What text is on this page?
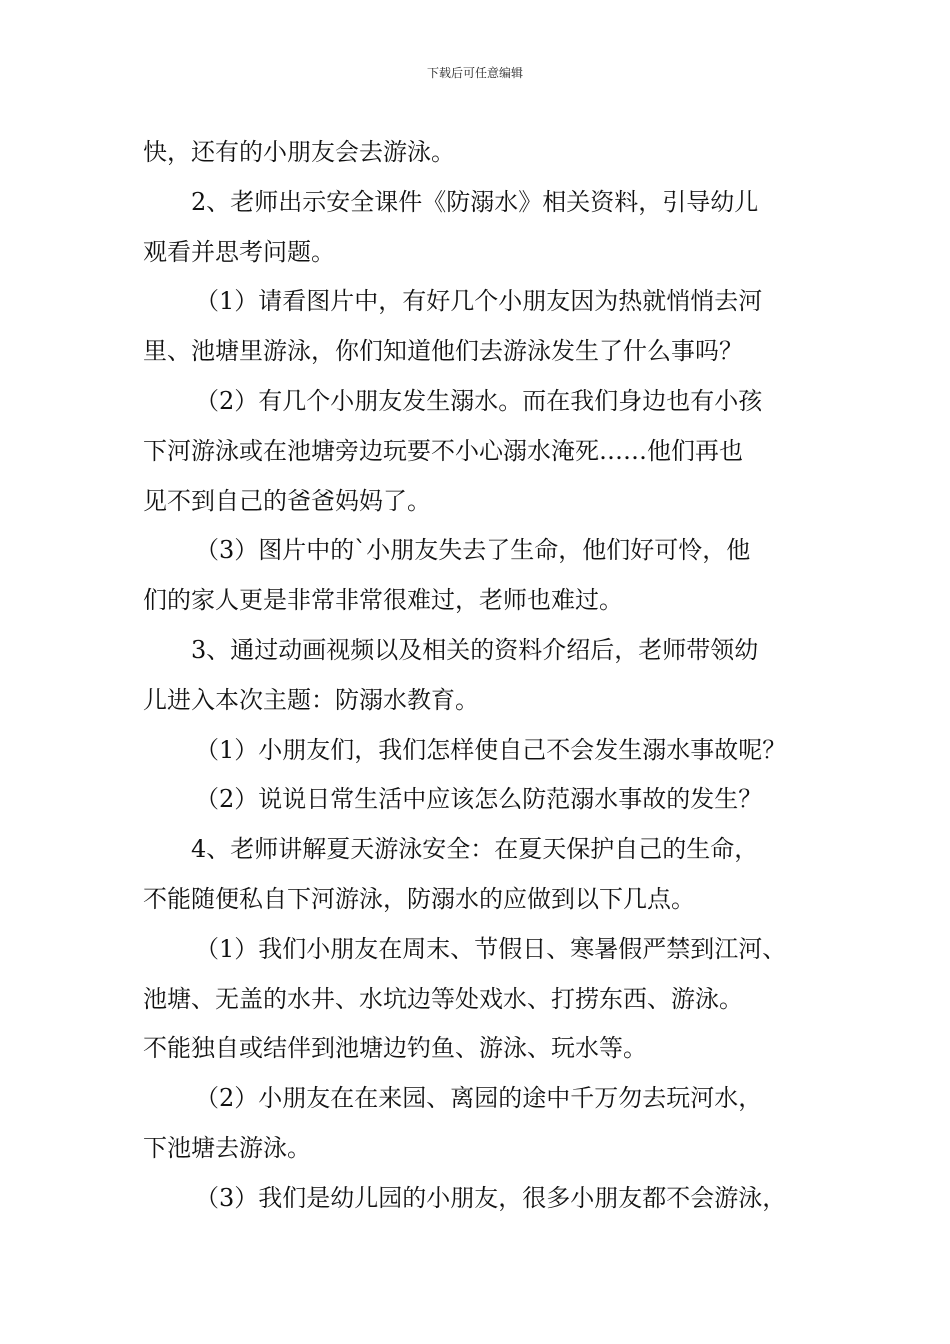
下载后可任意编辑
快，还有的小朋友会去游泳。
2、老师出示安全课件《防溺水》相关资料，引导幼儿
观看并思考问题。
（1）请看图片中，有好几个小朋友因为热就悄悄去河
里、池塘里游泳，你们知道他们去游泳发生了什么事吗？
（2）有几个小朋友发生溺水。而在我们身边也有小孩
下河游泳或在池塘旁边玩要不小心溺水淹死……他们再也
见不到自己的爸爸妈妈了。
（3）图片中的`小朋友失去了生命，他们好可怜，他
们的家人更是非常非常很难过，老师也难过。
3、通过动画视频以及相关的资料介绍后，老师带领幼
儿进入本次主题：防溺水教育。
（1）小朋友们，我们怎样使自己不会发生溺水事故呢？
（2）说说日常生活中应该怎么防范溺水事故的发生？
4、老师讲解夏天游泳安全：在夏天保护自己的生命，
不能随便私自下河游泳，防溺水的应做到以下几点。
（1）我们小朋友在周末、节假日、寒暑假严禁到江河、
池塘、无盖的水井、水坑边等处戏水、打捞东西、游泳。
不能独自或结伴到池塘边钓鱼、游泳、玩水等。
（2）小朋友在在来园、离园的途中千万勿去玩河水，
下池塘去游泳。
（3）我们是幼儿园的小朋友，很多小朋友都不会游泳，
